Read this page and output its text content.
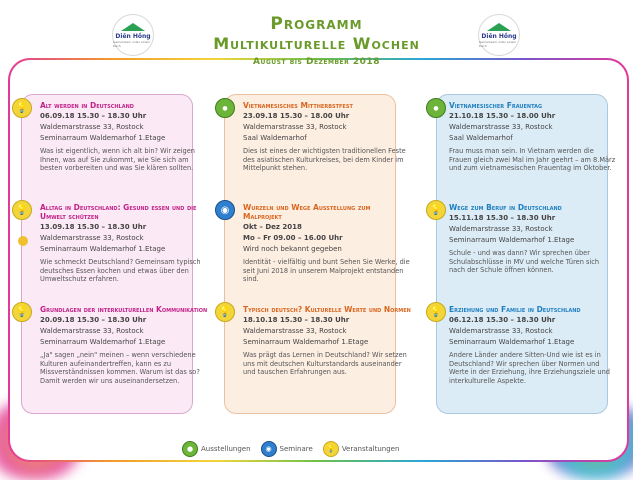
Diên Hồng
Gemeinsam unter einem Dach
Diên Hồng
Gemeinsam unter einem Dach
Programm
Multikulturelle Wochen
August bis Dezember 2018
Alt werden in Deutschland
06.09.18 15.30 – 18.30 Uhr
Waldemarstrasse 33, Rostock
Seminarraum Waldemarhof 1.Etage
Was ist eigentlich, wenn ich alt bin? Wir zeigen Ihnen, was auf Sie zukommt, wie Sie sich am besten vorbereiten und was Sie klären sollten.
Alltag in Deutschland: Gesund essen und die Umwelt schützen
13.09.18 15.30 – 18.30 Uhr
Waldemarstrasse 33, Rostock
Seminarraum Waldemarhof 1.Etage
Wie schmeckt Deutschland? Gemeinsam typisch deutsches Essen kochen und etwas über den Umweltschutz erfahren.
Grundlagen der interkulturellen Kommunikation
20.09.18 15.30 – 18.30 Uhr
Waldemarstrasse 33, Rostock
Seminarraum Waldemarhof 1.Etage
„Ja" sagen „nein" meinen – wenn verschiedene Kulturen aufeinandertreffen, kann es zu Missverständnissen kommen. Warum ist das so? Damit werden wir uns auseinandersetzen.
Vietnamesisches Mittherbstfest
23.09.18 15.30 – 18.00 Uhr
Waldemarstrasse 33, Rostock
Saal Waldemarhof
Dies ist eines der wichtigsten traditionellen Feste des asiatischen Kulturkreises, bei dem Kinder im Mittelpunkt stehen.
Wurzeln und Wege Ausstellung zum Malprojekt
Okt – Dez 2018
Mo – Fr 09.00 – 16.00 Uhr
Wird noch bekannt gegeben
Identität - vielfältig und bunt Sehen Sie Werke, die seit Juni 2018 in unserem Malprojekt entstanden sind.
Typisch deutsch? Kulturelle Werte und Normen
18.10.18 15.30 – 18.30 Uhr
Waldemarstrasse 33, Rostock
Seminarraum Waldemarhof 1.Etage
Was prägt das Lernen in Deutschland? Wir setzen uns mit deutschen Kulturstandards auseinander und tauschen Erfahrungen aus.
Vietnamesischer Frauentag
21.10.18 15.30 – 18.00 Uhr
Waldemarstrasse 33, Rostock
Saal Waldemarhof
Frau muss man sein. In Vietnam werden die Frauen gleich zwei Mal im Jahr geehrt – am 8.März und zum vietnamesischen Frauentag im Oktober.
Wege zum Beruf in Deutschland
15.11.18 15.30 – 18.30 Uhr
Waldemarstrasse 33, Rostock
Seminarraum Waldemarhof 1.Etage
Schule - und was dann? Wir sprechen über Schulabschlüsse in MV und welche Türen sich nach der Schule öffnen können.
Erziehung und Familie in Deutschland
06.12.18 15.30 – 18.30 Uhr
Waldemarstrasse 33, Rostock
Seminarraum Waldemarhof 1.Etage
Andere Länder andere Sitten-Und wie ist es in Deutschland? Wir sprechen über Normen und Werte in der Erziehung, ihre Erziehungsziele und interkulturelle Aspekte.
💡
💡
💡
●
◉
💡
●
💡
💡
●	Ausstellungen	◉	Seminare	💡 Veranstaltungen
